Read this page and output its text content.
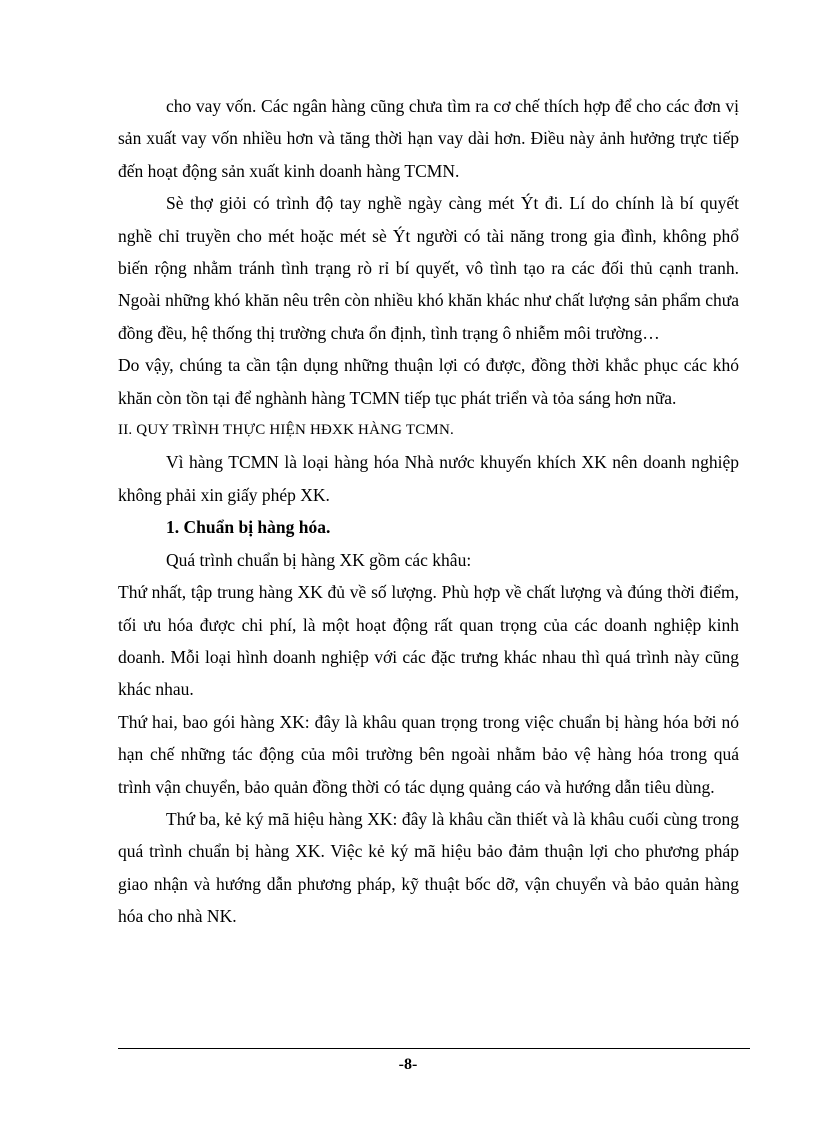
cho vay vốn. Các ngân hàng cũng chưa tìm ra cơ chế thích hợp để cho các đơn vị sản xuất vay vốn nhiều hơn và tăng thời hạn vay dài hơn. Điều này ảnh hưởng trực tiếp đến hoạt động sản xuất kinh doanh hàng TCMN.

Sè thợ giỏi có trình độ tay nghề ngày càng mét Ýt đi. Lí do chính là bí quyết nghề chỉ truyền cho mét hoặc mét sè Ýt người có tài năng trong gia đình, không phổ biến rộng nhằm tránh tình trạng rò rỉ bí quyết, vô tình tạo ra các đối thủ cạnh tranh. Ngoài những khó khăn nêu trên còn nhiều khó khăn khác như chất lượng sản phẩm chưa đồng đều, hệ thống thị trường chưa ổn định, tình trạng ô nhiễm môi trường…

Do vậy, chúng ta cần tận dụng những thuận lợi có được, đồng thời khắc phục các khó khăn còn tồn tại để nghành hàng TCMN tiếp tục phát triển và tỏa sáng hơn nữa.

II. QUY TRÌNH THỰC HIỆN HĐXK HÀNG TCMN.

Vì hàng TCMN là loại hàng hóa Nhà nước khuyến khích XK nên doanh nghiệp không phải xin giấy phép XK.

1. Chuẩn bị hàng hóa.

Quá trình chuẩn bị hàng XK gồm các khâu:

Thứ nhất, tập trung hàng XK đủ về số lượng. Phù hợp về chất lượng và đúng thời điểm, tối ưu hóa được chi phí, là một hoạt động rất quan trọng của các doanh nghiệp kinh doanh. Mỗi loại hình doanh nghiệp với các đặc trưng khác nhau thì quá trình này cũng khác nhau.

Thứ hai, bao gói hàng XK: đây là khâu quan trọng trong việc chuẩn bị hàng hóa bởi nó hạn chế những tác động của môi trường bên ngoài nhằm bảo vệ hàng hóa trong quá trình vận chuyển, bảo quản đồng thời có tác dụng quảng cáo và hướng dẫn tiêu dùng.

Thứ ba, kẻ ký mã hiệu hàng XK: đây là khâu cần thiết và là khâu cuối cùng trong quá trình chuẩn bị hàng XK. Việc kẻ ký mã hiệu bảo đảm thuận lợi cho phương pháp giao nhận và hướng dẫn phương pháp, kỹ thuật bốc dỡ, vận chuyển và bảo quản hàng hóa cho nhà NK.

-8-
